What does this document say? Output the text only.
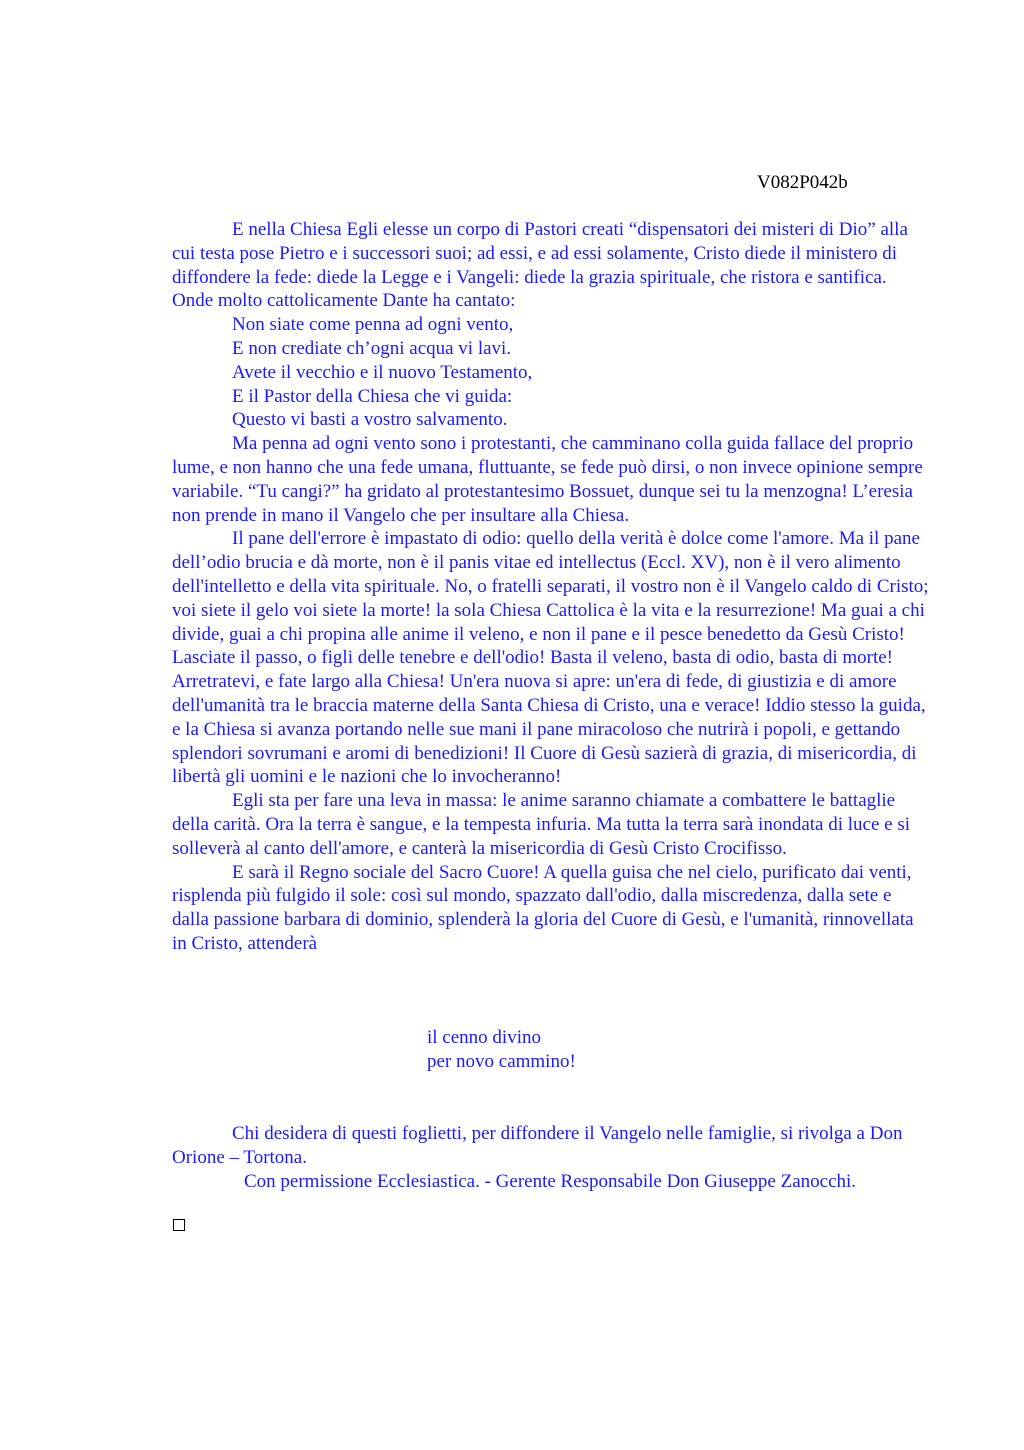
V082P042b

E nella Chiesa Egli elesse un corpo di Pastori creati “dispensatori dei misteri di Dio” alla cui testa pose Pietro e i successori suoi; ad essi, e ad essi solamente, Cristo diede il ministero di diffondere la fede: diede la Legge e i Vangeli: diede la grazia spirituale, che ristora e santifica. Onde molto cattolicamente Dante ha cantato:

Non siate come penna ad ogni vento,
E non crediate ch’ogni acqua vi lavi.
Avete il vecchio e il nuovo Testamento,
E il Pastor della Chiesa che vi guida:
Questo vi basti a vostro salvamento.

Ma penna ad ogni vento sono i protestanti, che camminano colla guida fallace del proprio lume, e non hanno che una fede umana, fluttuante, se fede può dirsi, o non invece opinione sempre variabile. “Tu cangi?” ha gridato al protestantesimo Bossuet, dunque sei tu la menzogna! L’eresia non prende in mano il Vangelo che per insultare alla Chiesa.

Il pane dell'errore è impastato di odio: quello della verità è dolce come l'amore. Ma il pane dell’odio brucia e dà morte, non è il panis vitae ed intellectus (Eccl. XV), non è il vero alimento dell'intelletto e della vita spirituale. No, o fratelli separati, il vostro non è il Vangelo caldo di Cristo; voi siete il gelo voi siete la morte! la sola Chiesa Cattolica è la vita e la resurrezione! Ma guai a chi divide, guai a chi propina alle anime il veleno, e non il pane e il pesce benedetto da Gesù Cristo! Lasciate il passo, o figli delle tenebre e dell'odio! Basta il veleno, basta di odio, basta di morte! Arretratevi, e fate largo alla Chiesa! Un'era nuova si apre: un'era di fede, di giustizia e di amore dell'umanità tra le braccia materne della Santa Chiesa di Cristo, una e verace! Iddio stesso la guida, e la Chiesa si avanza portando nelle sue mani il pane miracoloso che nutrirà i popoli, e gettando splendori sovrumani e aromi di benedizioni! Il Cuore di Gesù sazierà di grazia, di misericordia, di libertà gli uomini e le nazioni che lo invocheranno!

Egli sta per fare una leva in massa: le anime saranno chiamate a combattere le battaglie della carità. Ora la terra è sangue, e la tempesta infuria. Ma tutta la terra sarà inondata di luce e si solleverà al canto dell'amore, e canterà la misericordia di Gesù Cristo Crocifisso.

E sarà il Regno sociale del Sacro Cuore! A quella guisa che nel cielo, purificato dai venti, risplenda più fulgido il sole: così sul mondo, spazzato dall'odio, dalla miscredenza, dalla sete e dalla passione barbara di dominio, splenderà la gloria del Cuore di Gesù, e l'umanità, rinnovellata in Cristo, attenderà

il cenno divino
per novo cammino!

Chi desidera di questi foglietti, per diffondere il Vangelo nelle famiglie, si rivolga a Don Orione – Tortona.

Con permissione Ecclesiastica. - Gerente Responsabile Don Giuseppe Zanocchi.
